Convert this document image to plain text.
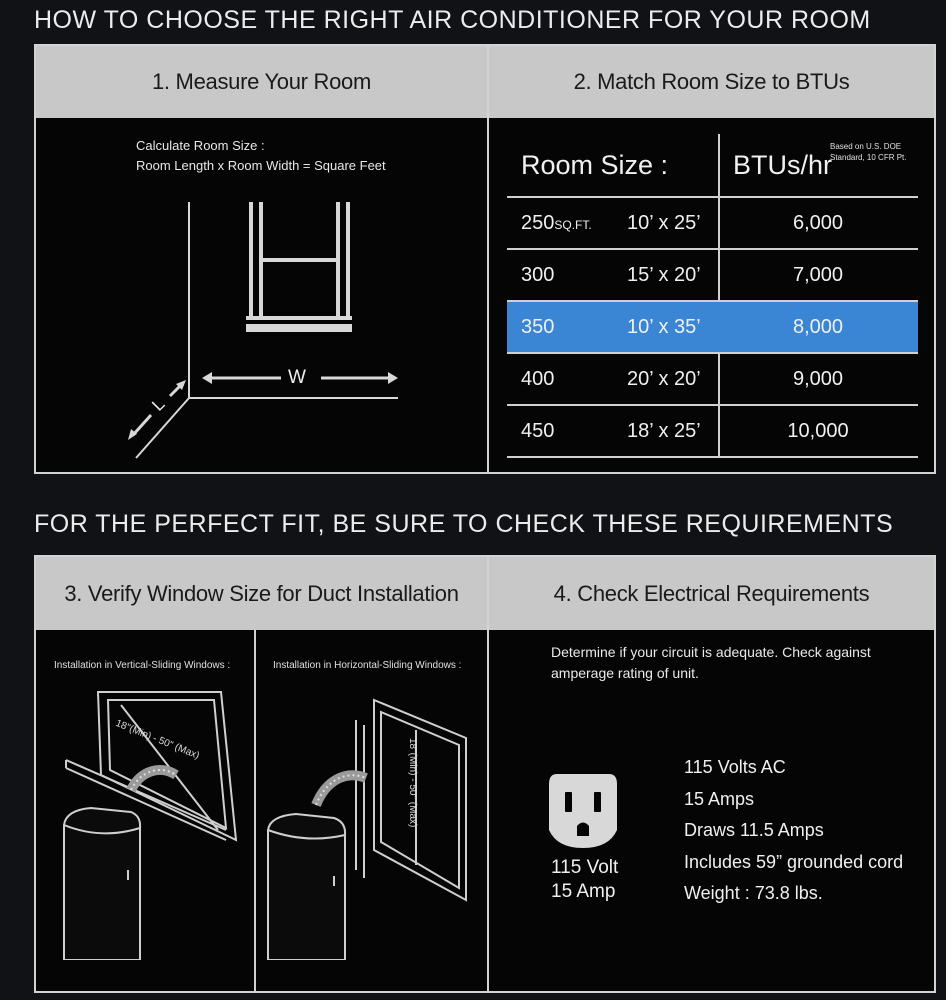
HOW TO CHOOSE THE RIGHT AIR CONDITIONER FOR YOUR ROOM
1. Measure Your Room
Calculate Room Size :
Room Length x Room Width = Square Feet
W
L
2. Match Room Size to BTUs
Room Size : BTUs/hr
Based on U.S. DOE
Standard, 10 CFR Pt.
250SQ.FT. 10’ x 25’	6,000
300	15’ x 20’	7,000
350	10’ x 35’	8,000
400	20’ x 20’	9,000
450	18’ x 25’	10,000
FOR THE PERFECT FIT, BE SURE TO CHECK THESE REQUIREMENTS
3. Verify Window Size for Duct Installation
Installation in Vertical-Sliding Windows :
18"(Min) - 50" (Max)
Installation in Horizontal-Sliding Windows :
18"(Min) - 50" (Max)
4. Check Electrical Requirements
Determine if your circuit is adequate. Check against amperage rating of unit.
115 Volt
15 Amp
115 Volts AC
15 Amps
Draws 11.5 Amps
Includes 59” grounded cord
Weight : 73.8 lbs.
